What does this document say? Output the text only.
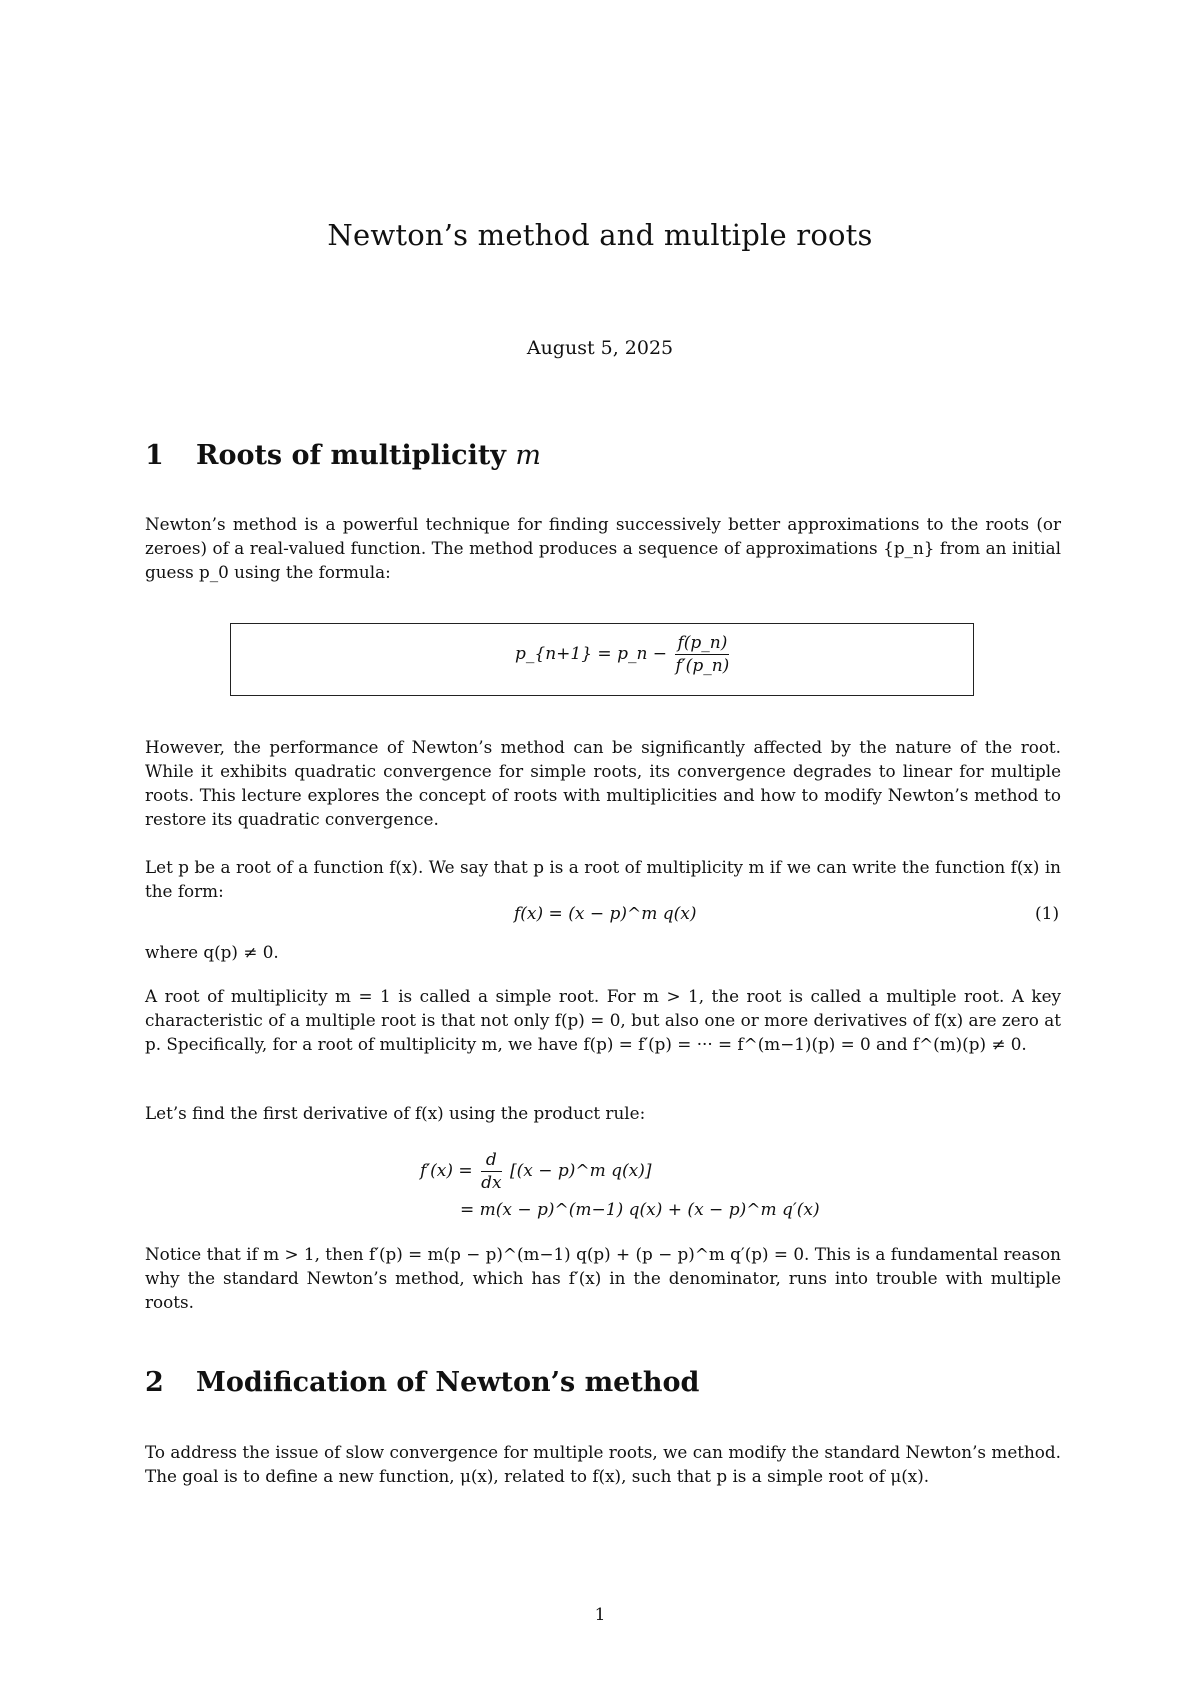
Newton’s method and multiple roots
August 5, 2025
1 Roots of multiplicity m

Newton’s method is a powerful technique for finding successively better approximations to the roots (or zeroes) of a real-valued function. The method produces a sequence of approximations {p_n} from an initial guess p_0 using the formula:

p_{n+1} = p_n − $\frac{f(p\_n)}{f'(p\_n)}$

However, the performance of Newton’s method can be significantly affected by the nature of the root. While it exhibits quadratic convergence for simple roots, its convergence degrades to linear for multiple roots. This lecture explores the concept of roots with multiplicities and how to modify Newton’s method to restore its quadratic convergence.

Let p be a root of a function f(x). We say that p is a root of multiplicity m if we can write the function f(x) in the form:

f(x) = (x − p)^m q(x)	(1)

where q(p) ≠ 0.

A root of multiplicity m = 1 is called a simple root. For m > 1, the root is called a multiple root. A key characteristic of a multiple root is that not only f(p) = 0, but also one or more derivatives of f(x) are zero at p. Specifically, for a root of multiplicity m, we have f(p) = f′(p) = ··· = f^(m−1)(p) = 0 and f^(m)(p) ≠ 0.

Let’s find the first derivative of f(x) using the product rule:

$f'(x) = \frac{d}{dx} [(x$ − p)^m q(x)]
= m(x − p)^(m−1) q(x) + (x − p)^m q′(x)

Notice that if m > 1, then f′(p) = m(p − p)^(m−1) q(p) + (p − p)^m q′(p) = 0. This is a fundamental reason why the standard Newton’s method, which has f′(x) in the denominator, runs into trouble with multiple roots.

2 Modification of Newton’s method

To address the issue of slow convergence for multiple roots, we can modify the standard Newton’s method. The goal is to define a new function, μ(x), related to f(x), such that p is a simple root of μ(x).

1
